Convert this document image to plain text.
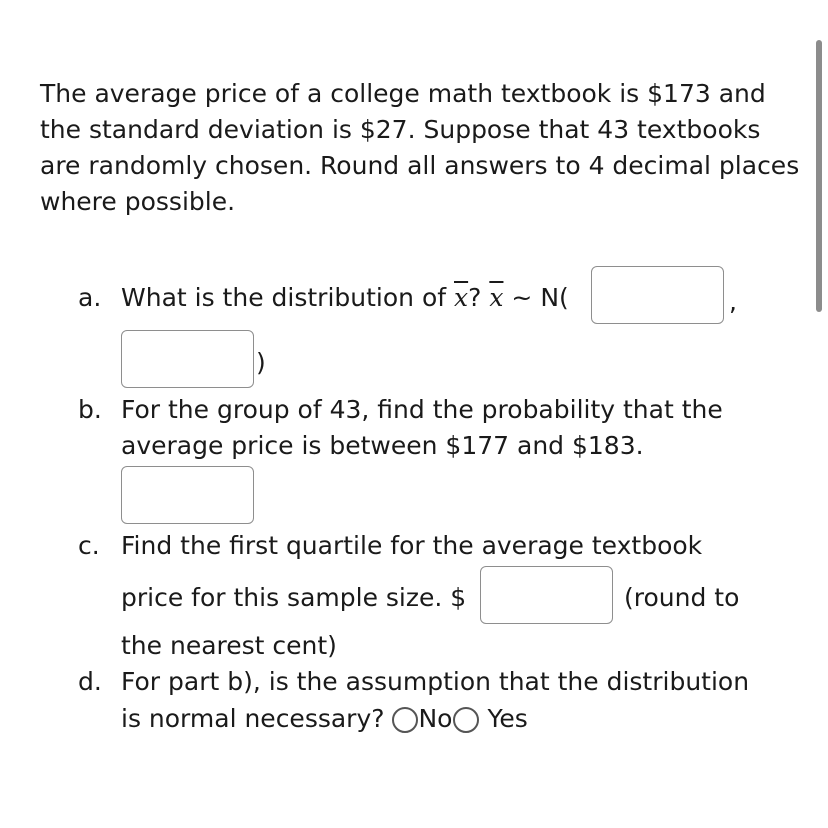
The average price of a college math textbook is $173 and the standard deviation is $27. Suppose that 43 textbooks are randomly chosen. Round all answers to 4 decimal places where possible.

a. What is the distribution of $\overline{x}$? $\overline{x}$ ~ N(	,
)
b. For the group of 43, find the probability that the
average price is between $177 and $183.
c. Find the first quartile for the average textbook
price for this sample size. $	(round to
the nearest cent)
d. For part b), is the assumption that the distribution
is normal necessary? No Yes
